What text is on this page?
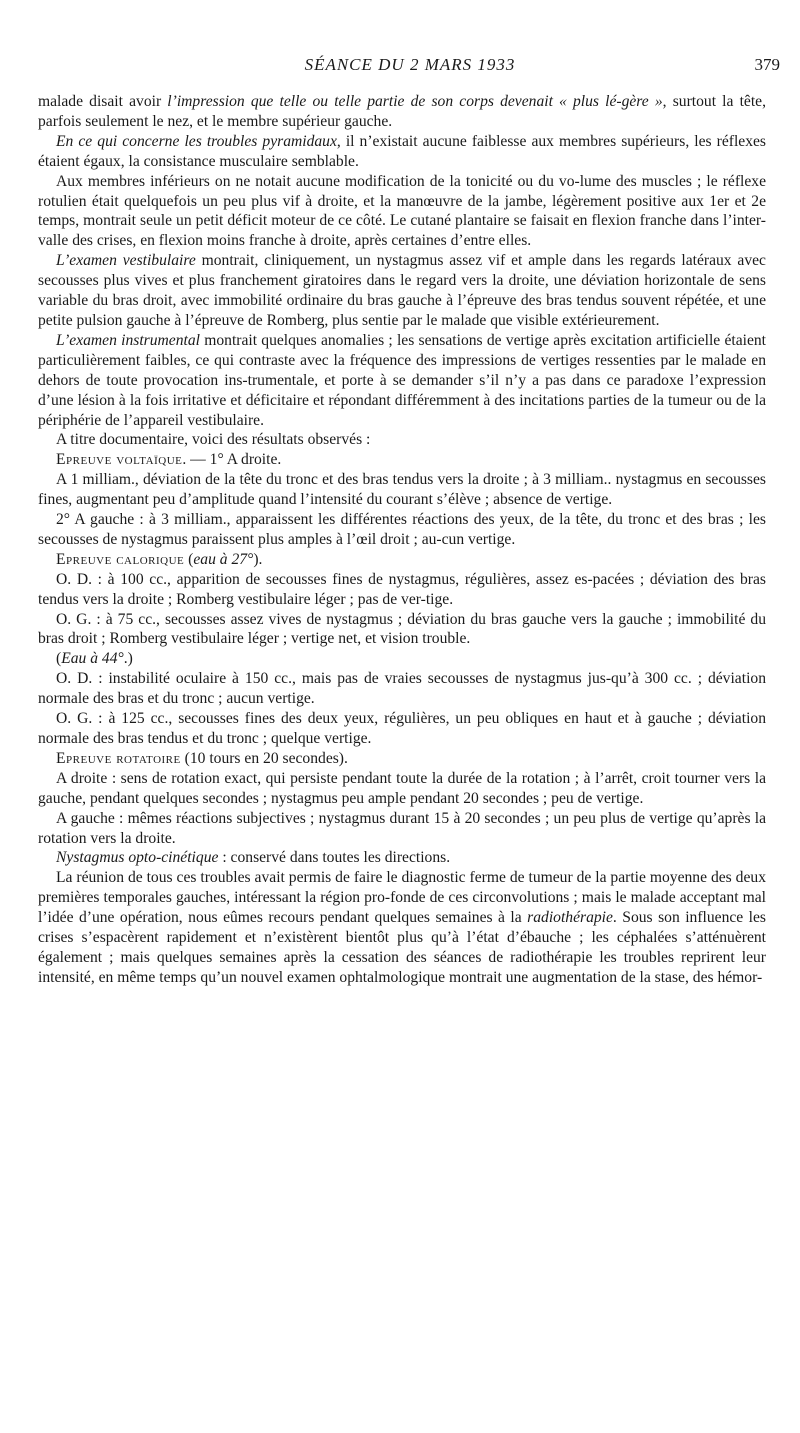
SÉANCE DU 2 MARS 1933	379

malade disait avoir l’impression que telle ou telle partie de son corps devenait « plus lé-gère », surtout la tête, parfois seulement le nez, et le membre supérieur gauche.

En ce qui concerne les troubles pyramidaux, il n’existait aucune faiblesse aux membres supérieurs, les réflexes étaient égaux, la consistance musculaire semblable.

Aux membres inférieurs on ne notait aucune modification de la tonicité ou du vo-lume des muscles ; le réflexe rotulien était quelquefois un peu plus vif à droite, et la manœuvre de la jambe, légèrement positive aux 1er et 2e temps, montrait seule un petit déficit moteur de ce côté. Le cutané plantaire se faisait en flexion franche dans l’inter-valle des crises, en flexion moins franche à droite, après certaines d’entre elles.

L’examen vestibulaire montrait, cliniquement, un nystagmus assez vif et ample dans les regards latéraux avec secousses plus vives et plus franchement giratoires dans le regard vers la droite, une déviation horizontale de sens variable du bras droit, avec immobilité ordinaire du bras gauche à l’épreuve des bras tendus souvent répétée, et une petite pulsion gauche à l’épreuve de Romberg, plus sentie par le malade que visible extérieurement.

L’examen instrumental montrait quelques anomalies ; les sensations de vertige après excitation artificielle étaient particulièrement faibles, ce qui contraste avec la fréquence des impressions de vertiges ressenties par le malade en dehors de toute provocation ins-trumentale, et porte à se demander s’il n’y a pas dans ce paradoxe l’expression d’une lésion à la fois irritative et déficitaire et répondant différemment à des incitations parties de la tumeur ou de la périphérie de l’appareil vestibulaire.

A titre documentaire, voici des résultats observés :

Epreuve voltaïque. — 1° A droite.

A 1 milliam., déviation de la tête du tronc et des bras tendus vers la droite ; à 3 milliam.. nystagmus en secousses fines, augmentant peu d’amplitude quand l’intensité du courant s’élève ; absence de vertige.

2° A gauche : à 3 milliam., apparaissent les différentes réactions des yeux, de la tête, du tronc et des bras ; les secousses de nystagmus paraissent plus amples à l’œil droit ; au-cun vertige.

Epreuve calorique (eau à 27°).

O. D. : à 100 cc., apparition de secousses fines de nystagmus, régulières, assez es-pacées ; déviation des bras tendus vers la droite ; Romberg vestibulaire léger ; pas de ver-tige.

O. G. : à 75 cc., secousses assez vives de nystagmus ; déviation du bras gauche vers la gauche ; immobilité du bras droit ; Romberg vestibulaire léger ; vertige net, et vision trouble.

(Eau à 44°.)

O. D. : instabilité oculaire à 150 cc., mais pas de vraies secousses de nystagmus jus-qu’à 300 cc. ; déviation normale des bras et du tronc ; aucun vertige.

O. G. : à 125 cc., secousses fines des deux yeux, régulières, un peu obliques en haut et à gauche ; déviation normale des bras tendus et du tronc ; quelque vertige.

Epreuve rotatoire (10 tours en 20 secondes).

A droite : sens de rotation exact, qui persiste pendant toute la durée de la rotation ; à l’arrêt, croit tourner vers la gauche, pendant quelques secondes ; nystagmus peu ample pendant 20 secondes ; peu de vertige.

A gauche : mêmes réactions subjectives ; nystagmus durant 15 à 20 secondes ; un peu plus de vertige qu’après la rotation vers la droite.

Nystagmus opto-cinétique : conservé dans toutes les directions.

La réunion de tous ces troubles avait permis de faire le diagnostic ferme de tumeur de la partie moyenne des deux premières temporales gauches, intéressant la région pro-fonde de ces circonvolutions ; mais le malade acceptant mal l’idée d’une opération, nous eûmes recours pendant quelques semaines à la radiothérapie. Sous son influence les crises s’espacèrent rapidement et n’existèrent bientôt plus qu’à l’état d’ébauche ; les céphalées s’atténuèrent également ; mais quelques semaines après la cessation des séances de radiothérapie les troubles reprirent leur intensité, en même temps qu’un nouvel examen ophtalmologique montrait une augmentation de la stase, des hémor-
